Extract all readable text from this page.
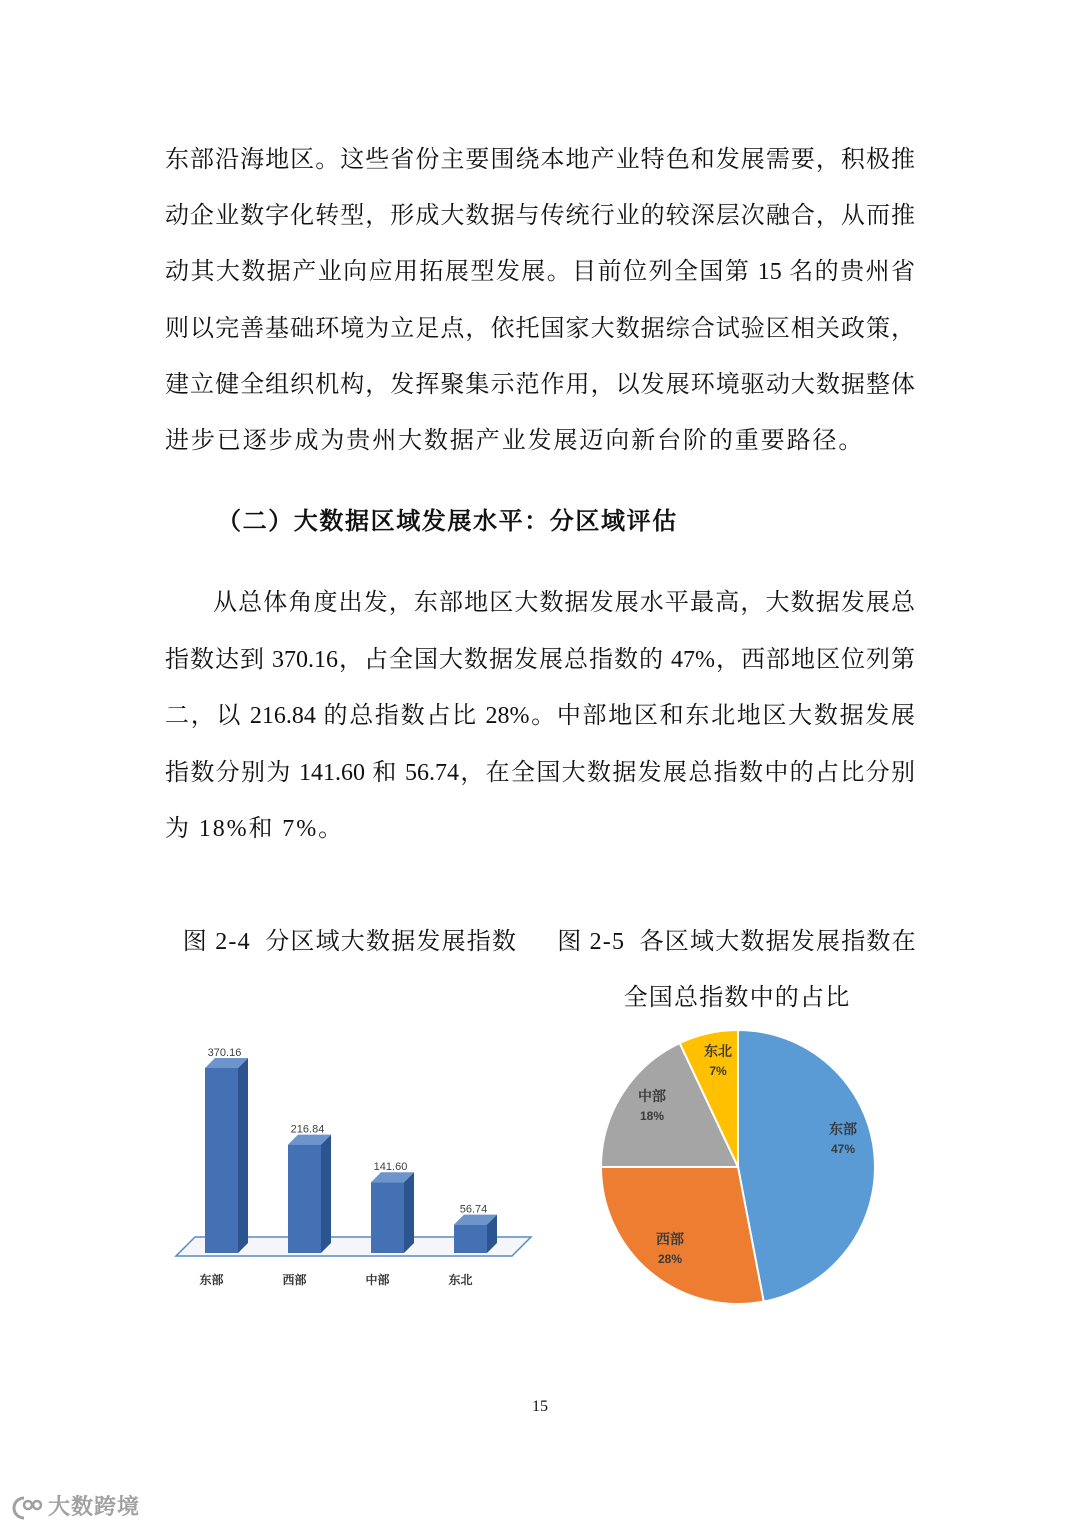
东部沿海地区。这些省份主要围绕本地产业特色和发展需要，积极推
动企业数字化转型，形成大数据与传统行业的较深层次融合，从而推
动其大数据产业向应用拓展型发展。目前位列全国第 15 名的贵州省
则以完善基础环境为立足点，依托国家大数据综合试验区相关政策，
建立健全组织机构，发挥聚集示范作用，以发展环境驱动大数据整体
进步已逐步成为贵州大数据产业发展迈向新台阶的重要路径。
（二）大数据区域发展水平：分区域评估
从总体角度出发，东部地区大数据发展水平最高，大数据发展总
指数达到 370.16，占全国大数据发展总指数的 47%，西部地区位列第
二，以 216.84 的总指数占比 28%。中部地区和东北地区大数据发展
指数分别为 141.60 和 56.74，在全国大数据发展总指数中的占比分别
为 18%和 7%。
图 2-4  分区域大数据发展指数	图 2-5  各区域大数据发展指数在
全国总指数中的占比
370.16
东部
216.84
西部
141.60
中部
56.74
东北
东部
47%
西部
28%
中部
18%
东北
7%
15
大数跨境
